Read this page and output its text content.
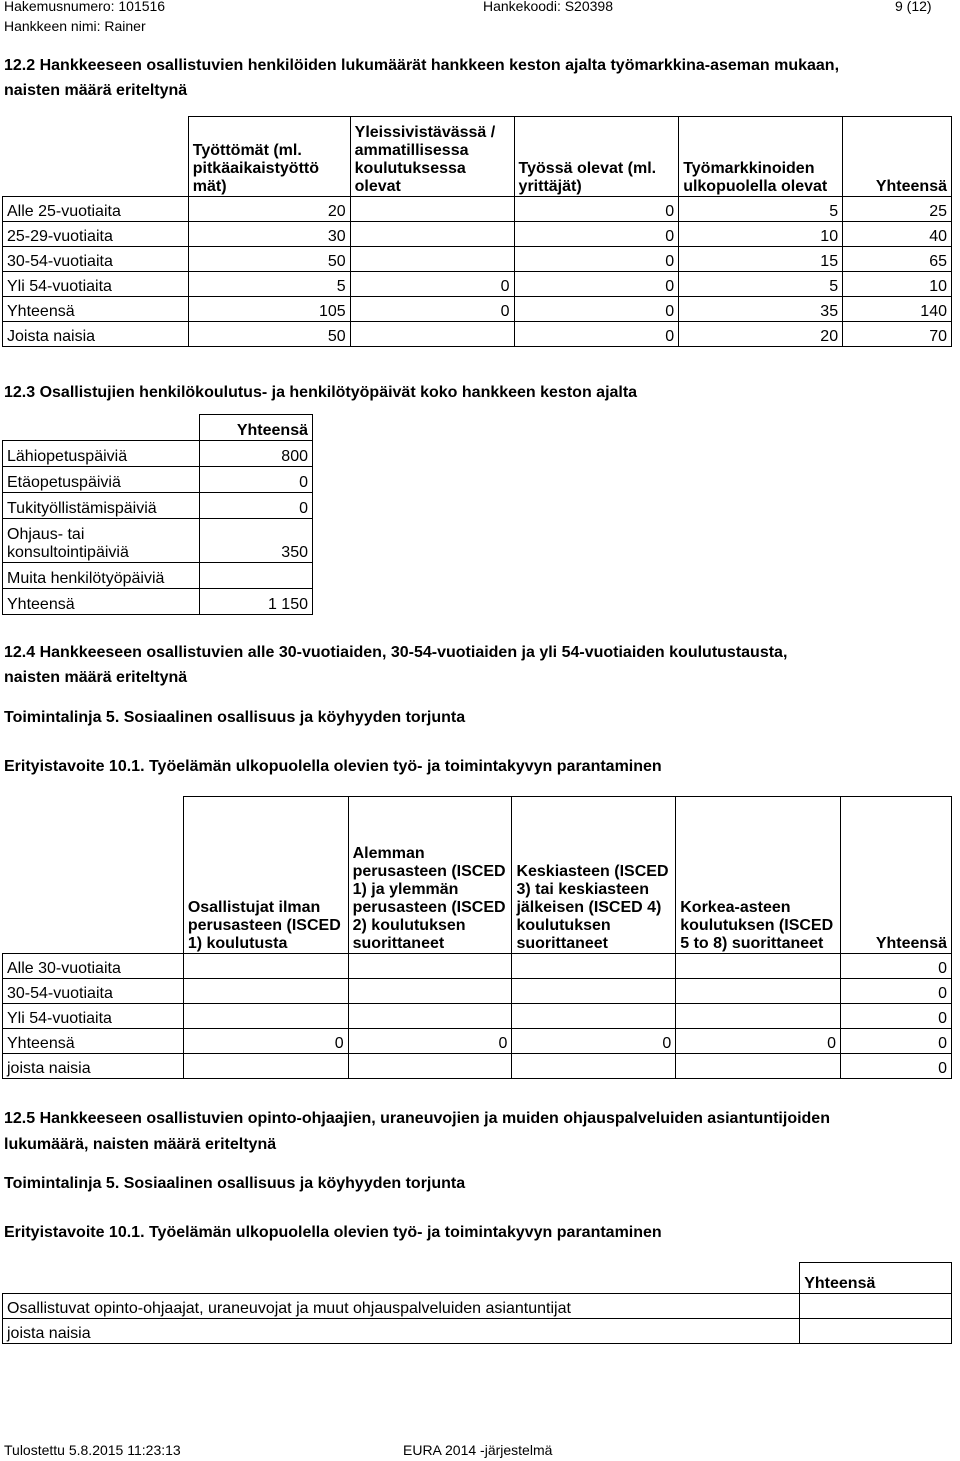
Hakemusnumero: 101516	Hankekoodi: S20398	9 (12)
Hankkeen nimi: Rainer
12.2 Hankkeeseen osallistuvien henkilöiden lukumäärät hankkeen keston ajalta työmarkkina-aseman mukaan,
naisten määrä eriteltynä
	Työttömät (ml. pitkäaikaistyöttö mät)	Yleissivistävässä / ammatillisessa koulutuksessa olevat	Työssä olevat (ml. yrittäjät)	Työmarkkinoiden ulkopuolella olevat	Yhteensä
Alle 25-vuotiaita	20		0	5	25
25-29-vuotiaita	30		0	10	40
30-54-vuotiaita	50		0	15	65
Yli 54-vuotiaita	5	0	0	5	10
Yhteensä	105	0	0	35	140
Joista naisia	50		0	20	70
12.3 Osallistujien henkilökoulutus- ja henkilötyöpäivät koko hankkeen keston ajalta
	Yhteensä
Lähiopetuspäiviä	800
Etäopetuspäiviä	0
Tukityöllistämispäiviä	0
Ohjaus- tai konsultointipäiviä	350
Muita henkilötyöpäiviä	
Yhteensä	1 150
12.4 Hankkeeseen osallistuvien alle 30-vuotiaiden, 30-54-vuotiaiden ja yli 54-vuotiaiden koulutustausta,
naisten määrä eriteltynä
Toimintalinja 5. Sosiaalinen osallisuus ja köyhyyden torjunta
Erityistavoite 10.1. Työelämän ulkopuolella olevien työ- ja toimintakyvyn parantaminen
	Osallistujat ilman perusasteen (ISCED 1) koulutusta	Alemman perusasteen (ISCED 1) ja ylemmän perusasteen (ISCED 2) koulutuksen suorittaneet	Keskiasteen (ISCED 3) tai keskiasteen jälkeisen (ISCED 4) koulutuksen suorittaneet	Korkea-asteen koulutuksen (ISCED 5 to 8) suorittaneet	Yhteensä
Alle 30-vuotiaita					0
30-54-vuotiaita					0
Yli 54-vuotiaita					0
Yhteensä	0	0	0	0	0
joista naisia					0
12.5 Hankkeeseen osallistuvien opinto-ohjaajien, uraneuvojien ja muiden ohjauspalveluiden asiantuntijoiden
lukumäärä, naisten määrä eriteltynä
Toimintalinja 5. Sosiaalinen osallisuus ja köyhyyden torjunta
Erityistavoite 10.1. Työelämän ulkopuolella olevien työ- ja toimintakyvyn parantaminen
	Yhteensä
Osallistuvat opinto-ohjaajat, uraneuvojat ja muut ohjauspalveluiden asiantuntijat	
joista naisia	
Tulostettu 5.8.2015 11:23:13	EURA 2014 -järjestelmä
